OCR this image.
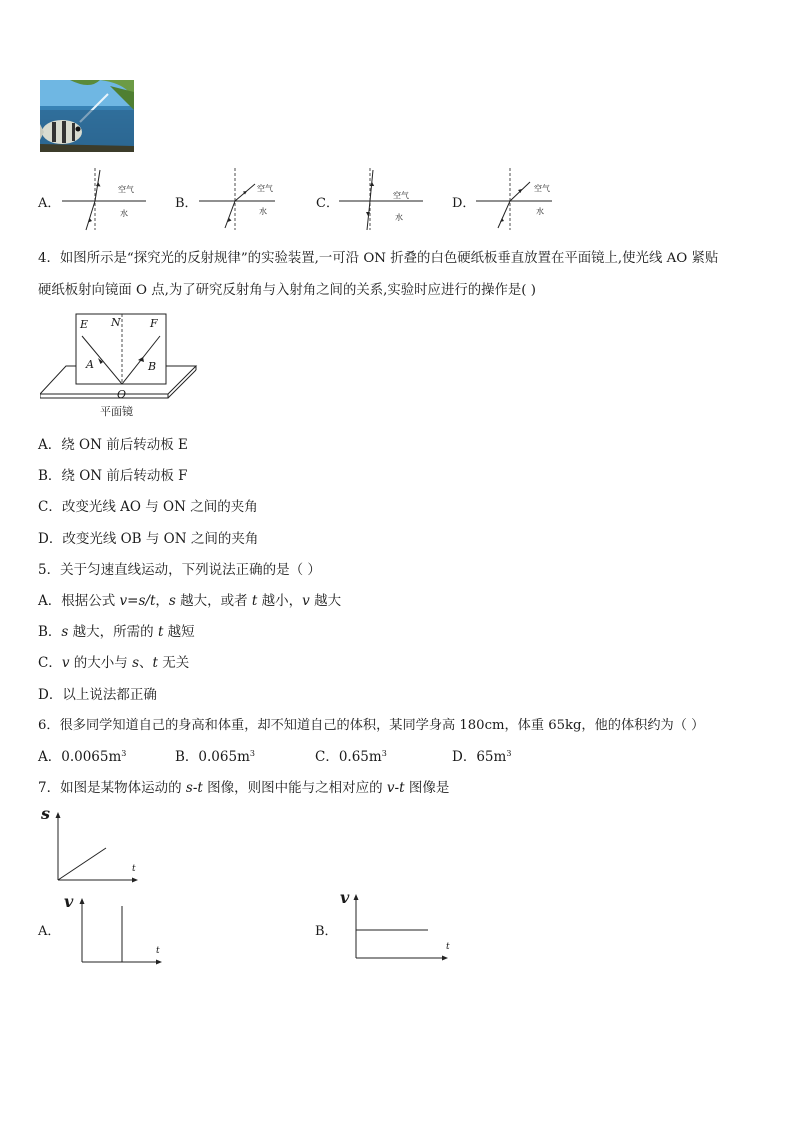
A．
空气
水
B．
空气
水
C．
空气
水
D．
空气
水
4．如图所示是“探究光的反射规律”的实验装置,一可沿 ON 折叠的白色硬纸板垂直放置在平面镜上,使光线 AO 紧贴
硬纸板射向镜面 O 点,为了研究反射角与入射角之间的关系,实验时应进行的操作是( )
E N	F
A	B
O
平面镜
A．绕 ON 前后转动板 E
B．绕 ON 前后转动板 F
C．改变光线 AO 与 ON 之间的夹角
D．改变光线 OB 与 ON 之间的夹角
5．关于匀速直线运动，下列说法正确的是（ ）
A．根据公式 v=s/t，s 越大，或者 t 越小，v 越大
B．s 越大，所需的 t 越短
C．v 的大小与 s、t 无关
D．以上说法都正确
6．很多同学知道自己的身高和体重，却不知道自己的体积，某同学身高 180cm，体重 65kg，他的体积约为（ ）
A．$0.0065m^3$	B．$0.065m^3$	C．$0.65m^3$	D．$65m^3$
7．如图是某物体运动的 s-t 图像，则图中能与之相对应的 v-t 图像是
s
t
A．
v
t
B．
v
t
